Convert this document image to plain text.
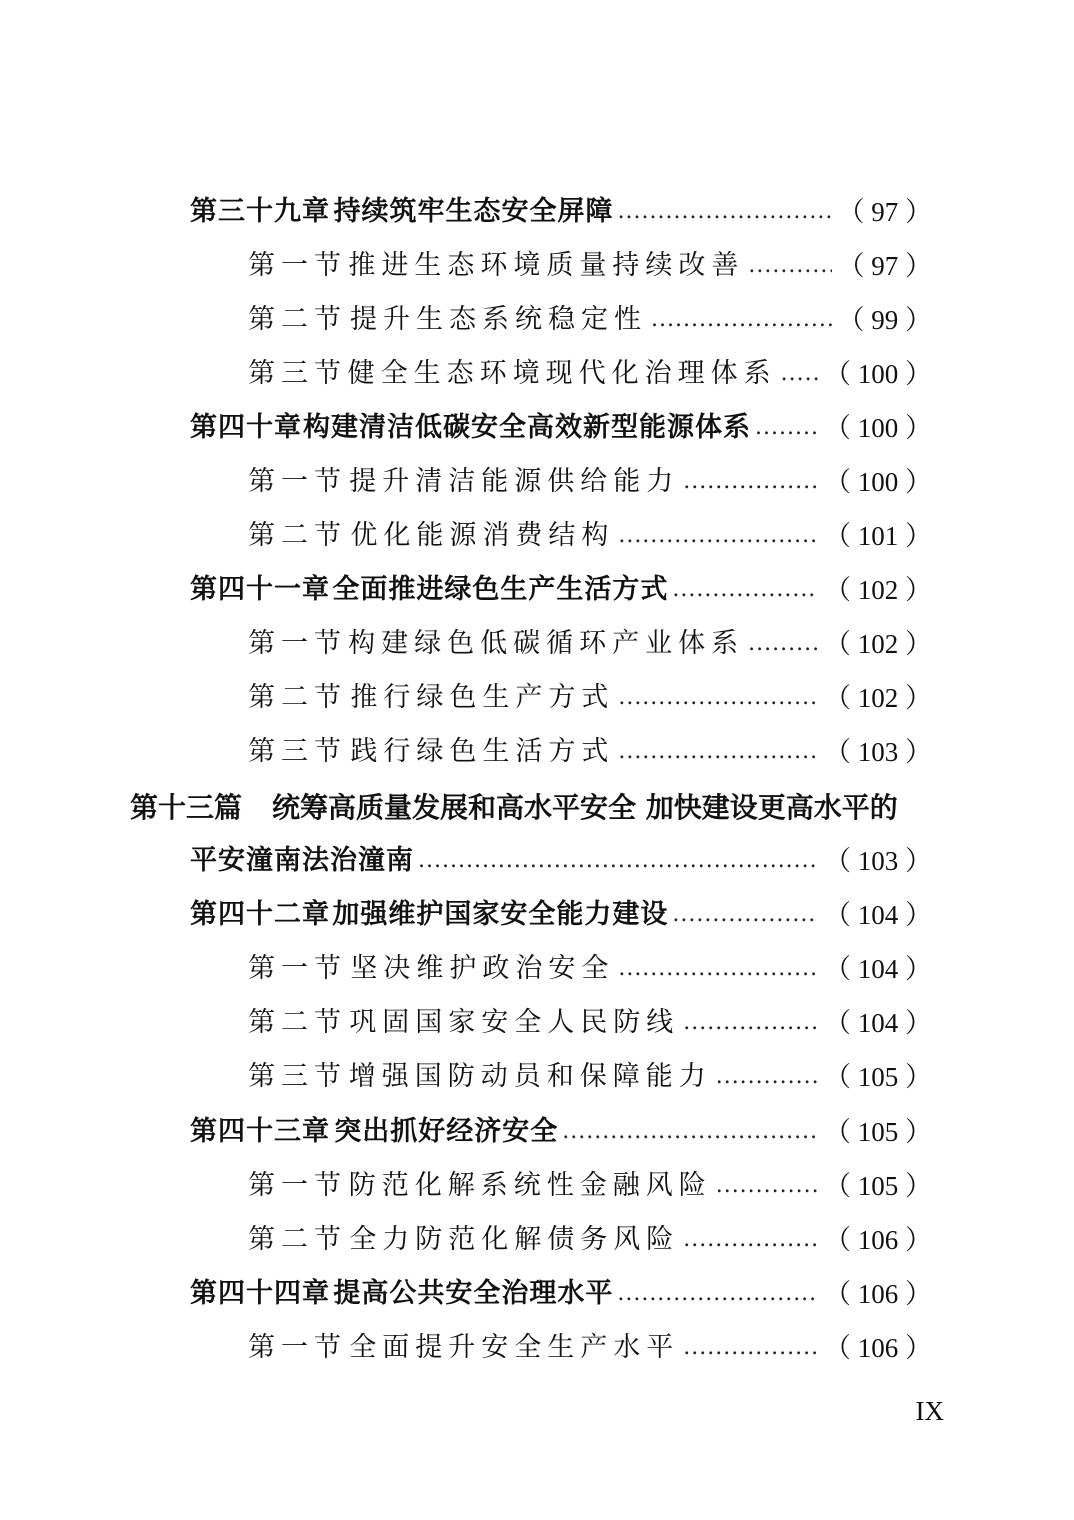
第三十九章 持续筑牢生态安全屏障 .....	（ 97 ）
第一节 推进生态环境质量持续改善 .....	（ 97 ）
第二节 提升生态系统稳定性 .....	（ 99 ）
第三节 健全生态环境现代化治理体系 ..... （ 100 ）
第四十章 构建清洁低碳安全高效新型能源体系 .....	（ 100 ）
第一节 提升清洁能源供给能力 .....	（ 100 ）
第二节 优化能源消费结构 .....	（ 101 ）
第四十一章 全面推进绿色生产生活方式 .....	（ 102 ）
第一节 构建绿色低碳循环产业体系 .....	（ 102 ）
第二节 推行绿色生产方式 .....	（ 102 ）
第三节 践行绿色生活方式 .....	（ 103 ）
第十三篇 统筹高质量发展和高水平安全 加快建设更高水平的
平安潼南法治潼南 .....	（ 103 ）
第四十二章 加强维护国家安全能力建设 .....	（ 104 ）
第一节 坚决维护政治安全 .....	（ 104 ）
第二节 巩固国家安全人民防线 .....	（ 104 ）
第三节 增强国防动员和保障能力 .....	（ 105 ）
第四十三章 突出抓好经济安全 .....	（ 105 ）
第一节 防范化解系统性金融风险 .....	（ 105 ）
第二节 全力防范化解债务风险 .....	（ 106 ）
第四十四章 提高公共安全治理水平 .....	（ 106 ）
第一节 全面提升安全生产水平 .....	（ 106 ）
IX
